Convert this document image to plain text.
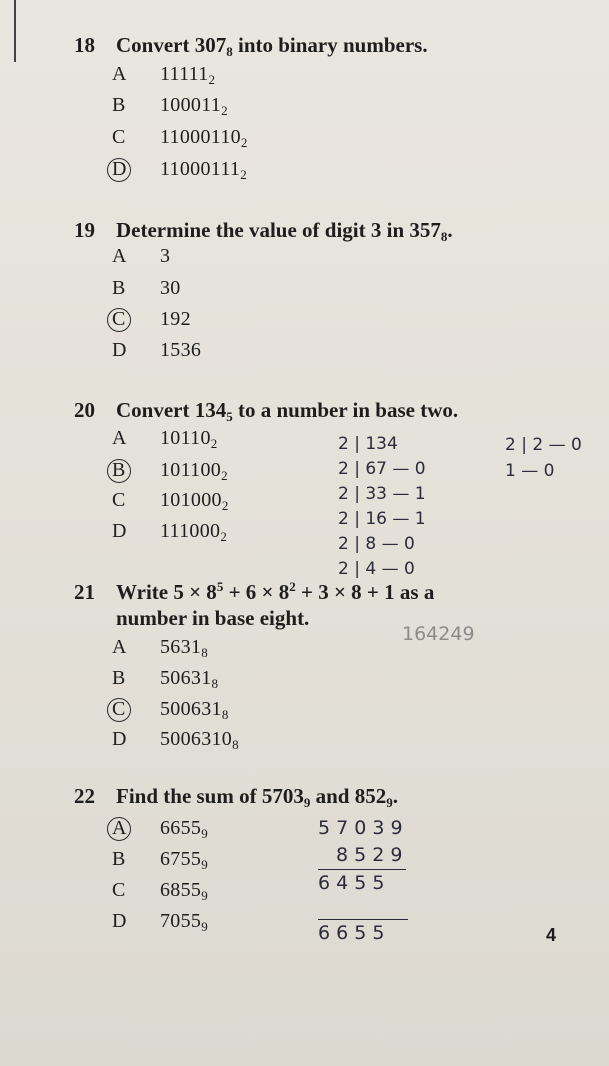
18 Convert $307_8$ into binary numbers.
A $11111_2$
B $100011_2$
C $11000110_2$
D $11000111_2$
19 Determine the value of digit 3 in $357_8$.
A 3
B 30
C 192
D 1536
20 Convert $134_5$ to a number in base two.
A $10110_2$
B $101100_2$
C $101000_2$
D $111000_2$
2 | 134
2 | 67 — 0
2 | 33 — 1
2 | 16 — 1
2 | 8 — 0
2 | 4 — 0
2 | 2 — 0
1 — 0
21 Write $5 \times 8^5 + 6 \times 8^2 + 3 \times 8 + 1$ as a
number in base eight.
A $5631_8$
B $50631_8$
C $500631_8$
D $5006310_8$
164249
22 Find the sum of $5703_9$ and $852_9$.
A $6655_9$
B $6755_9$
C $6855_9$
D $7055_9$
5 7 0 3 9
8 5 2 9
6 4 5 5
6 6 5 5	4
